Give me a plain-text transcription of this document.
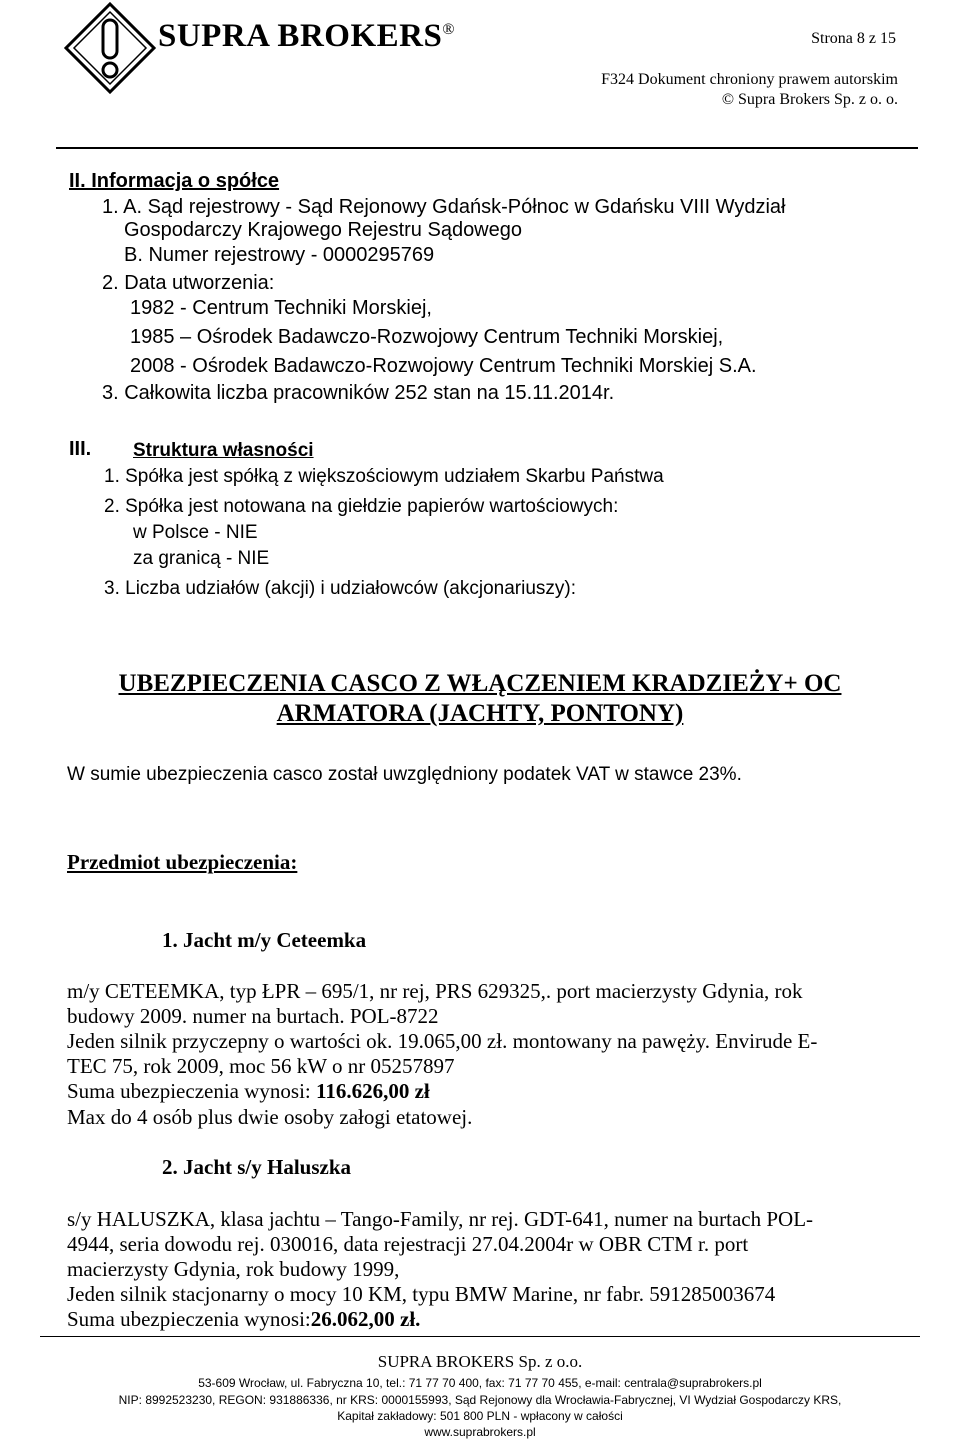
SUPRA BROKERS®
Strona 8 z 15
F324 Dokument chroniony prawem autorskim
© Supra Brokers Sp. z o. o.
II. Informacja o spółce
1. A. Sąd rejestrowy - Sąd Rejonowy Gdańsk-Północ w Gdańsku VIII Wydział
Gospodarczy Krajowego Rejestru Sądowego
B. Numer rejestrowy - 0000295769
2. Data utworzenia:
1982 - Centrum Techniki Morskiej,
1985 – Ośrodek Badawczo-Rozwojowy Centrum Techniki Morskiej,
2008 - Ośrodek Badawczo-Rozwojowy Centrum Techniki Morskiej S.A.
3. Całkowita liczba pracowników 252 stan na 15.11.2014r.
III. Struktura własności
1. Spółka jest spółką z większościowym udziałem Skarbu Państwa
2. Spółka jest notowana na giełdzie papierów wartościowych:
w Polsce - NIE
za granicą - NIE
3. Liczba udziałów (akcji) i udziałowców (akcjonariuszy):
UBEZPIECZENIA CASCO Z WŁĄCZENIEM KRADZIEŻY+ OC
ARMATORA (JACHTY, PONTONY)
W sumie ubezpieczenia casco został uwzględniony podatek VAT w stawce 23%.
Przedmiot ubezpieczenia:
1. Jacht m/y Ceteemka
m/y CETEEMKA, typ ŁPR – 695/1, nr rej, PRS 629325,. port macierzysty Gdynia, rok
budowy 2009. numer na burtach. POL-8722
Jeden silnik przyczepny o wartości ok. 19.065,00 zł. montowany na pawęży. Envirude E-
TEC 75, rok 2009, moc 56 kW o nr 05257897
Suma ubezpieczenia wynosi: 116.626,00 zł
Max do 4 osób plus dwie osoby załogi etatowej.
2. Jacht s/y Haluszka
s/y HALUSZKA, klasa jachtu – Tango-Family, nr rej. GDT-641, numer na burtach POL-
4944, seria dowodu rej. 030016, data rejestracji 27.04.2004r w OBR CTM r. port
macierzysty Gdynia, rok budowy 1999,
Jeden silnik stacjonarny o mocy 10 KM, typu BMW Marine, nr fabr. 591285003674
Suma ubezpieczenia wynosi:26.062,00 zł.
SUPRA BROKERS Sp. z o.o.
53-609 Wrocław, ul. Fabryczna 10, tel.: 71 77 70 400, fax: 71 77 70 455, e-mail: centrala@suprabrokers.pl
NIP: 8992523230, REGON: 931886336, nr KRS: 0000155993, Sąd Rejonowy dla Wrocławia-Fabrycznej, VI Wydział Gospodarczy KRS,
Kapitał zakładowy: 501 800 PLN - wpłacony w całości
www.suprabrokers.pl
